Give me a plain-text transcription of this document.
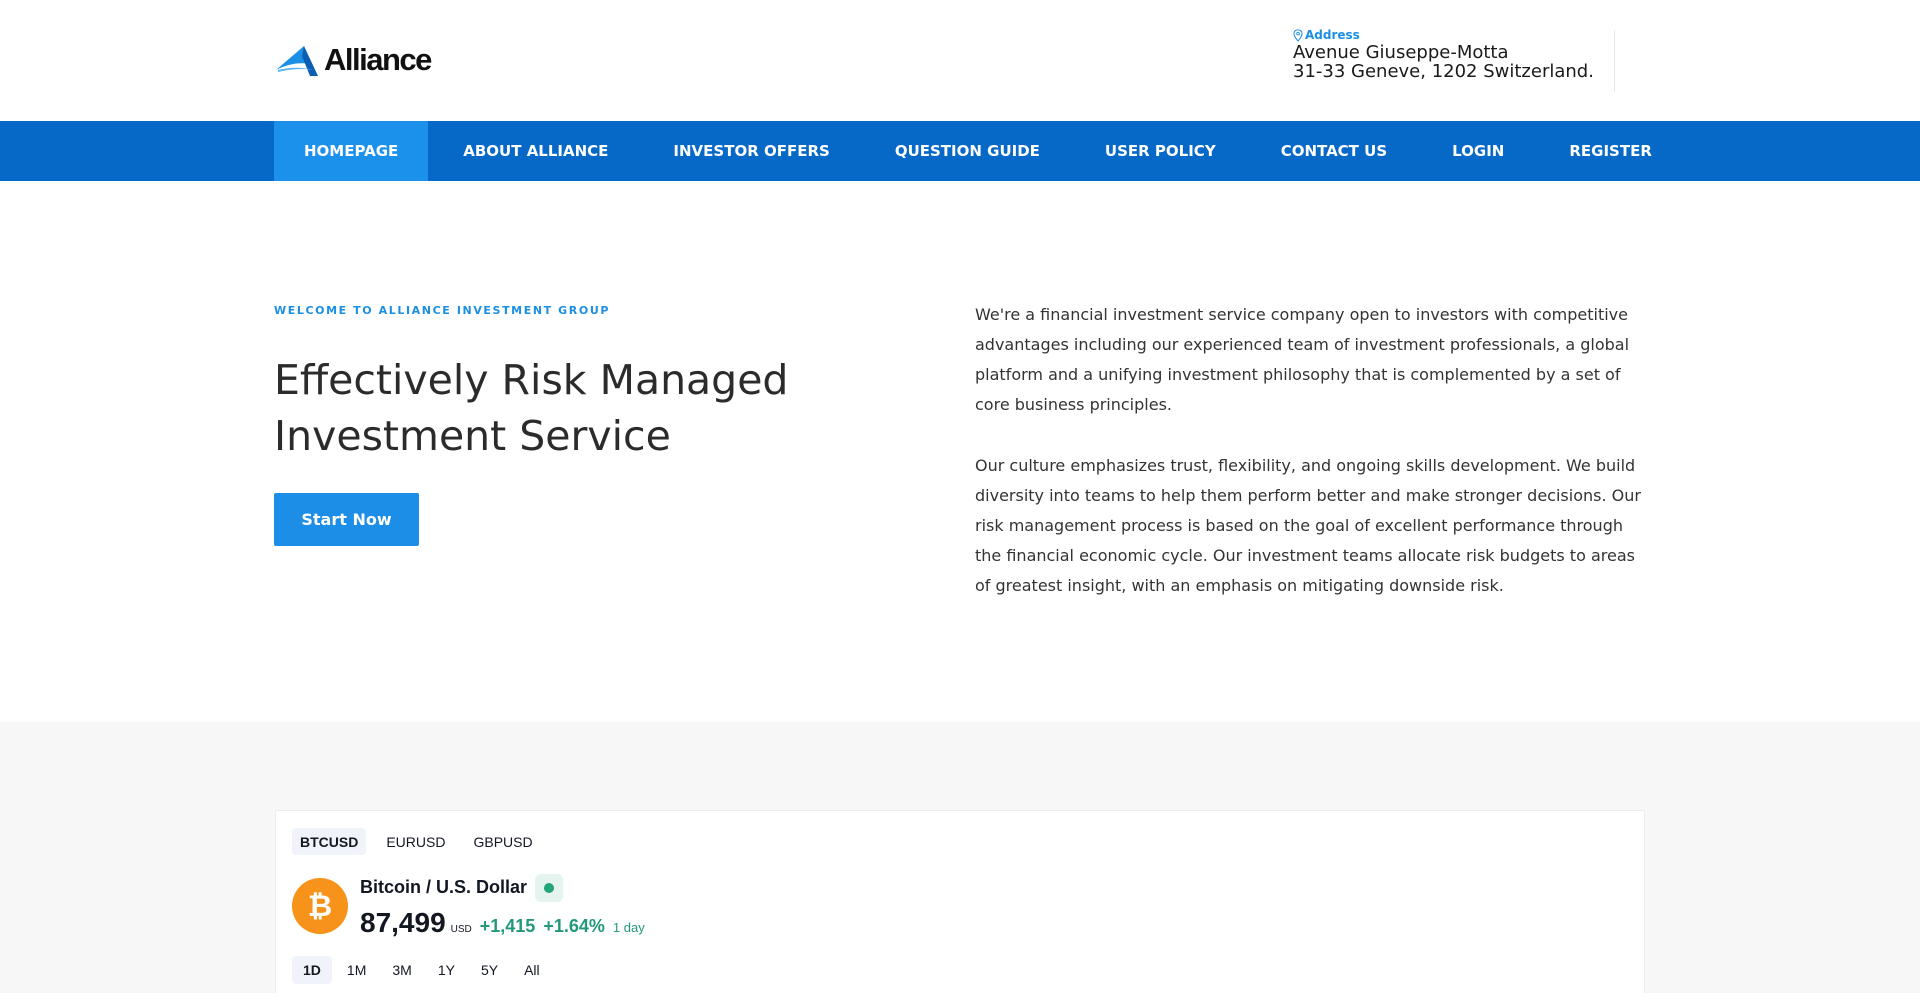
Alliance
Address
Avenue Giuseppe-Motta
31-33 Geneve, 1202 Switzerland.
HOMEPAGE	ABOUT ALLIANCE	INVESTOR OFFERS	QUESTION GUIDE	USER POLICY	CONTACT US	LOGIN	REGISTER
WELCOME TO ALLIANCE INVESTMENT GROUP
Effectively Risk Managed Investment Service
Start Now

We're a financial investment service company open to investors with competitive advantages including our experienced team of investment professionals, a global platform and a unifying investment philosophy that is complemented by a set of core business principles.

Our culture emphasizes trust, flexibility, and ongoing skills development. We build diversity into teams to help them perform better and make stronger decisions. Our risk management process is based on the goal of excellent performance through the financial economic cycle. Our investment teams allocate risk budgets to areas of greatest insight, with an emphasis on mitigating downside risk.

BTCUSD	EURUSD	GBPUSD
₿
Bitcoin / U.S. Dollar
87,499 USD +1,415 +1.64% 1 day
1D	1M	3M	1Y	5Y	All
